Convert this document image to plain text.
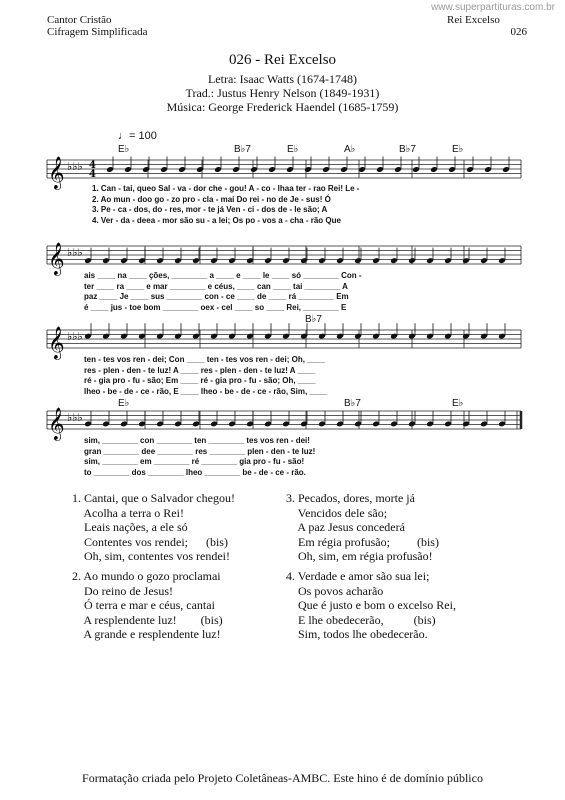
Cantor Cristão
Cifragem Simplificada
www.superpartituras.com.br
Rei Excelso
026
026 - Rei Excelso
Letra: Isaac Watts (1674-1748)
Trad.: Justus Henry Nelson (1849-1931)
Música: George Frederick Haendel (1685-1759)
♩= 100
E♭	B♭7	E♭	A♭	B♭7	E♭
B♭7
E♭	B♭7	E♭
𝄞 ♭♭♭ 4
4
𝄞 ♭♭♭
𝄞 ♭♭♭
𝄞 ♭♭♭
1. Can - tai, queo Sal - va - dor che - gou! A - co - lhaa ter - rao Rei! Le -
2. Ao mun - doo go - zo pro - cla - mai Do rei - no de Je - sus! Ó
3. Pe - ca - dos, do - res, mor - te já Ven - ci - dos de - le são; A
4. Ver - da - deea - mor são su - a lei; Os po - vos a - cha - rão Que
ais ____ na ____ ções, ________ a ____ e ____ le ____ só ________ Con -
ter ____ ra ____ e mar ________ e céus, ____ can ____ tai ________ A
paz ____ Je ____ sus ________ con - ce ____ de ____ rá ________ Em
é ____ jus - toe bom ________ oex - cel ____ so ____ Rei, ________ E
ten - tes vos ren - dei; Con ____ ten - tes vos ren - dei; Oh, ____
res - plen - den - te luz! A ____ res - plen - den - te luz! A ____
ré - gia pro - fu - são; Em ____ ré - gia pro - fu - são; Oh, ____
lheo - be - de - ce - rão, E ____ lheo - be - de - ce - rão, Sim, ____
sim, ________ con ________ ten ________ tes vos ren - dei!
gran ________ dee ________ res ________ plen - den - te luz!
sim, ________ em ________ ré ________ gia pro - fu - são!
to ________ dos ________ lheo ________ be - de - ce - rão.
1. Cantai, que o Salvador chegou!
Acolha a terra o Rei!
Leais nações, a ele só
Contentes vos rendei;      (bis)
Oh, sim, contentes vos rendei!
3. Pecados, dores, morte já
Vencidos dele são;
A paz Jesus concederá
Em régia profusão;         (bis)
Oh, sim, em régia profusão!
2. Ao mundo o gozo proclamai
Do reino de Jesus!
Ó terra e mar e céus, cantai
A resplendente luz!        (bis)
A grande e resplendente luz!
4. Verdade e amor são sua lei;
Os povos acharão
Que é justo e bom o excelso Rei,
E lhe obedecerão,          (bis)
Sim, todos lhe obedecerão.
Formatação criada pelo Projeto Coletâneas-AMBC. Este hino é de domínio público
